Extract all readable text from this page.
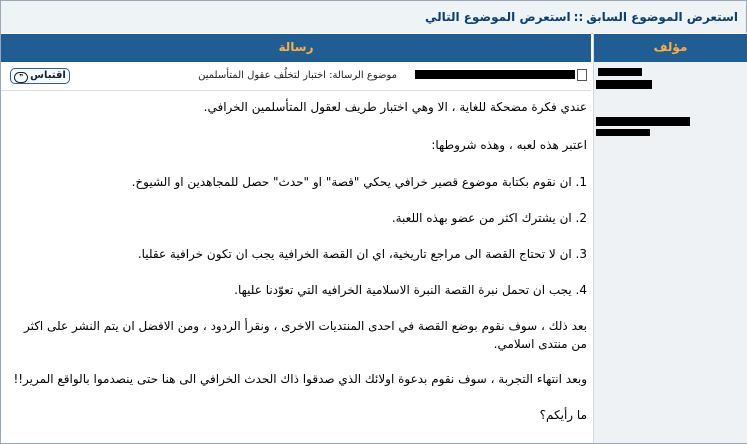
استعرض الموضوع السابق::استعرض الموضوع التالي
مؤلف
رسالة
❞ اقتباس	موضوع الرسالة: اختبار لتخلُف عقول المتأسلمين
عندي فكرة مضحكة للغاية ، الا وهي اختبار طريف لعقول المتأسلمين الخرافي.
اعتبر هذه لعبه ، وهذه شروطها:
1. ان نقوم بكتابة موضوع قصير خرافي يحكي "قصة" او "حدث" حصل للمجاهدين او الشيوخ.
2. ان يشترك اكثر من عضو بهذه اللعبة.
3. ان لا تحتاج القصة الى مراجع تاريخية، اي ان القصة الخرافية يجب ان تكون خرافية عقليا.
4. يجب ان تحمل نبرة القصة النبرة الاسلامية الخرافيه التي تعوّدنا عليها.
بعد ذلك ، سوف نقوم بوضع القصة في احدى المنتديات الاخرى ، ونقرأ الردود ، ومن الافضل ان يتم النشر على اكثر من منتدى اسلامي.
وبعد انتهاء التجربة ، سوف نقوم بدعوة اولائك الذي صدقوا ذاك الحدث الخرافي الى هنا حتى ينصدموا بالواقع المرير!!
ما رأيكم؟
